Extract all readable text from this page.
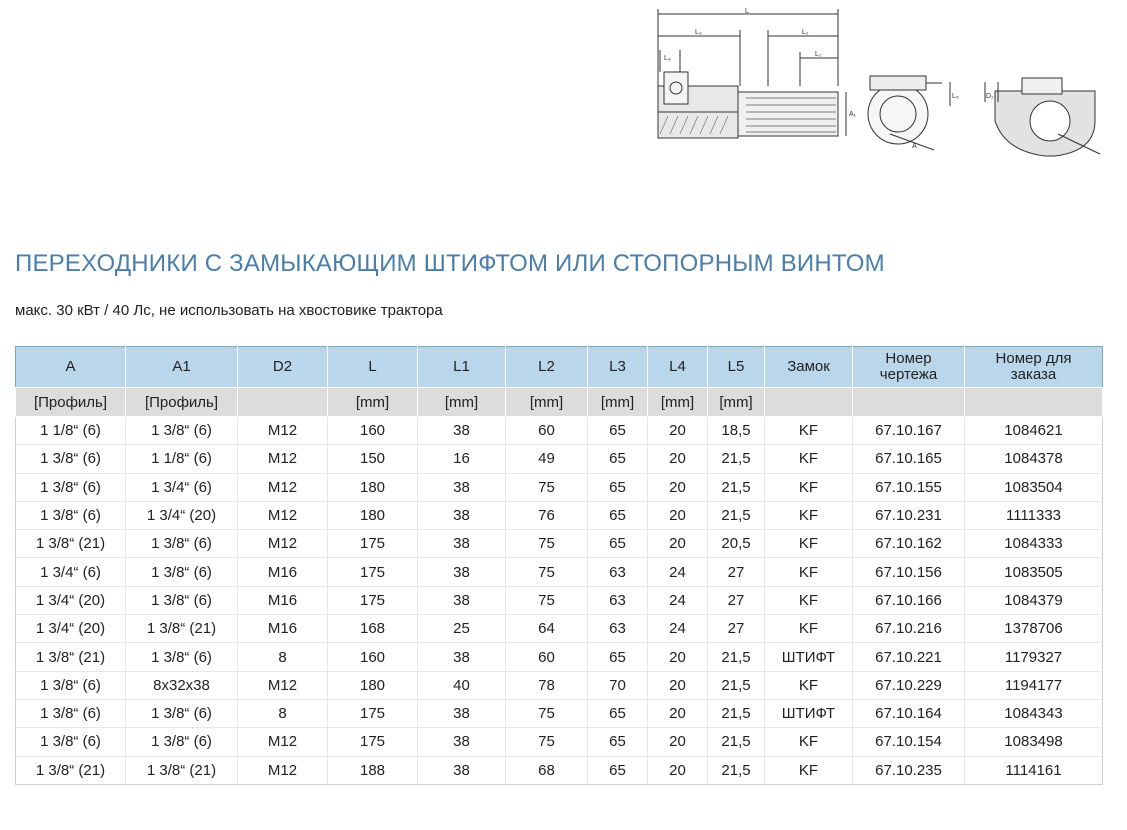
L
L₃	L₂
L₁
L₄
A₁
A
L₅	D₂
ПЕРЕХОДНИКИ С ЗАМЫКАЮЩИМ ШТИФТОМ ИЛИ СТОПОРНЫМ ВИНТОМ
макс. 30 кВт / 40 Лс, не использовать на хвостовике трактора
A	A1	D2	L	L1	L2	L3	L4	L5	Замок	Номер чертежа	Номер для заказа
[Профиль]	[Профиль]		[mm]	[mm]	[mm]	[mm]	[mm]	[mm]			
1 1/8“ (6)	1 3/8“ (6)	M12	160	38	60	65	20	18,5	KF	67.10.167	1084621
1 3/8“ (6)	1 1/8“ (6)	M12	150	16	49	65	20	21,5	KF	67.10.165	1084378
1 3/8“ (6)	1 3/4“ (6)	M12	180	38	75	65	20	21,5	KF	67.10.155	1083504
1 3/8“ (6)	1 3/4“ (20)	M12	180	38	76	65	20	21,5	KF	67.10.231	1111333
1 3/8“ (21)	1 3/8“ (6)	M12	175	38	75	65	20	20,5	KF	67.10.162	1084333
1 3/4“ (6)	1 3/8“ (6)	M16	175	38	75	63	24	27	KF	67.10.156	1083505
1 3/4“ (20)	1 3/8“ (6)	M16	175	38	75	63	24	27	KF	67.10.166	1084379
1 3/4“ (20)	1 3/8“ (21)	M16	168	25	64	63	24	27	KF	67.10.216	1378706
1 3/8“ (21)	1 3/8“ (6)	8	160	38	60	65	20	21,5	ШТИФТ	67.10.221	1179327
1 3/8“ (6)	8x32x38	M12	180	40	78	70	20	21,5	KF	67.10.229	1194177
1 3/8“ (6)	1 3/8“ (6)	8	175	38	75	65	20	21,5	ШТИФТ	67.10.164	1084343
1 3/8“ (6)	1 3/8“ (6)	M12	175	38	75	65	20	21,5	KF	67.10.154	1083498
1 3/8“ (21)	1 3/8“ (21)	M12	188	38	68	65	20	21,5	KF	67.10.235	1114161
